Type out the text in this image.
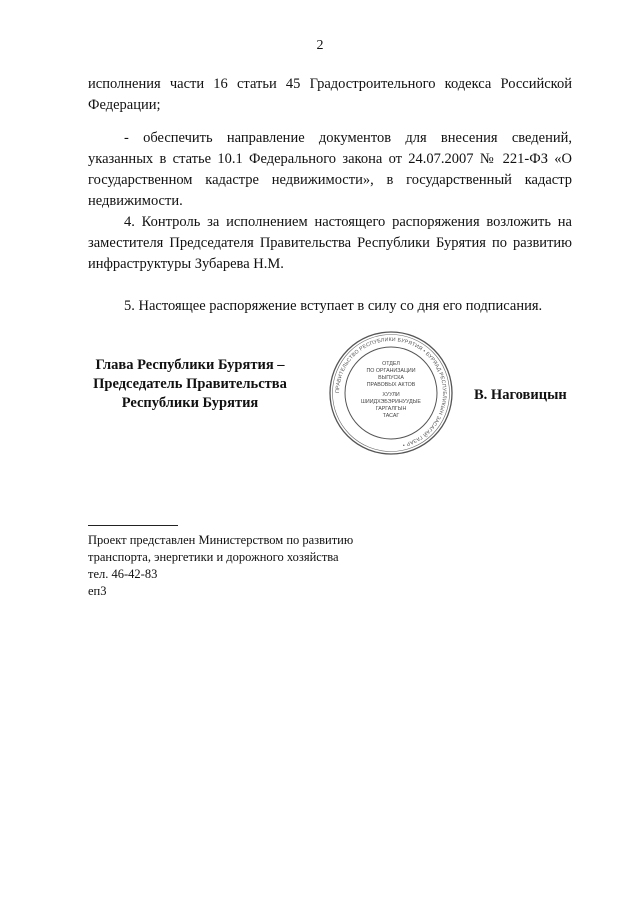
2

исполнения части 16 статьи 45 Градостроительного кодекса Российской Федерации;

- обеспечить направление документов для внесения сведений, указанных в статье 10.1 Федерального закона от 24.07.2007 № 221-ФЗ «О государственном кадастре недвижимости», в государственный кадастр недвижимости.

4. Контроль за исполнением настоящего распоряжения возложить на заместителя Председателя Правительства Республики Бурятия по развитию инфраструктуры Зубарева Н.М.

5. Настоящее распоряжение вступает в силу со дня его подписания.

Глава Республики Бурятия –
Председатель Правительства
Республики Бурятия
ПРАВИТЕЛЬСТВО РЕСПУБЛИКИ БУРЯТИЯ • БУРЯАД РЕСПУБЛИКЫН ЗАСАГАЙ ГАЗАР •
ОТДЕЛ
ПО ОРГАНИЗАЦИИ
ВЫПУСКА
ПРАВОВЫХ АКТОВ
ХУУЛИ
ШИИДХЭБЭРИНУУДЫЕ
ГАРГАЛГЫН
ТАСАГ
В. Наговицын
Проект представлен Министерством по развитию
транспорта, энергетики и дорожного хозяйства
тел. 46-42-83
еп3
